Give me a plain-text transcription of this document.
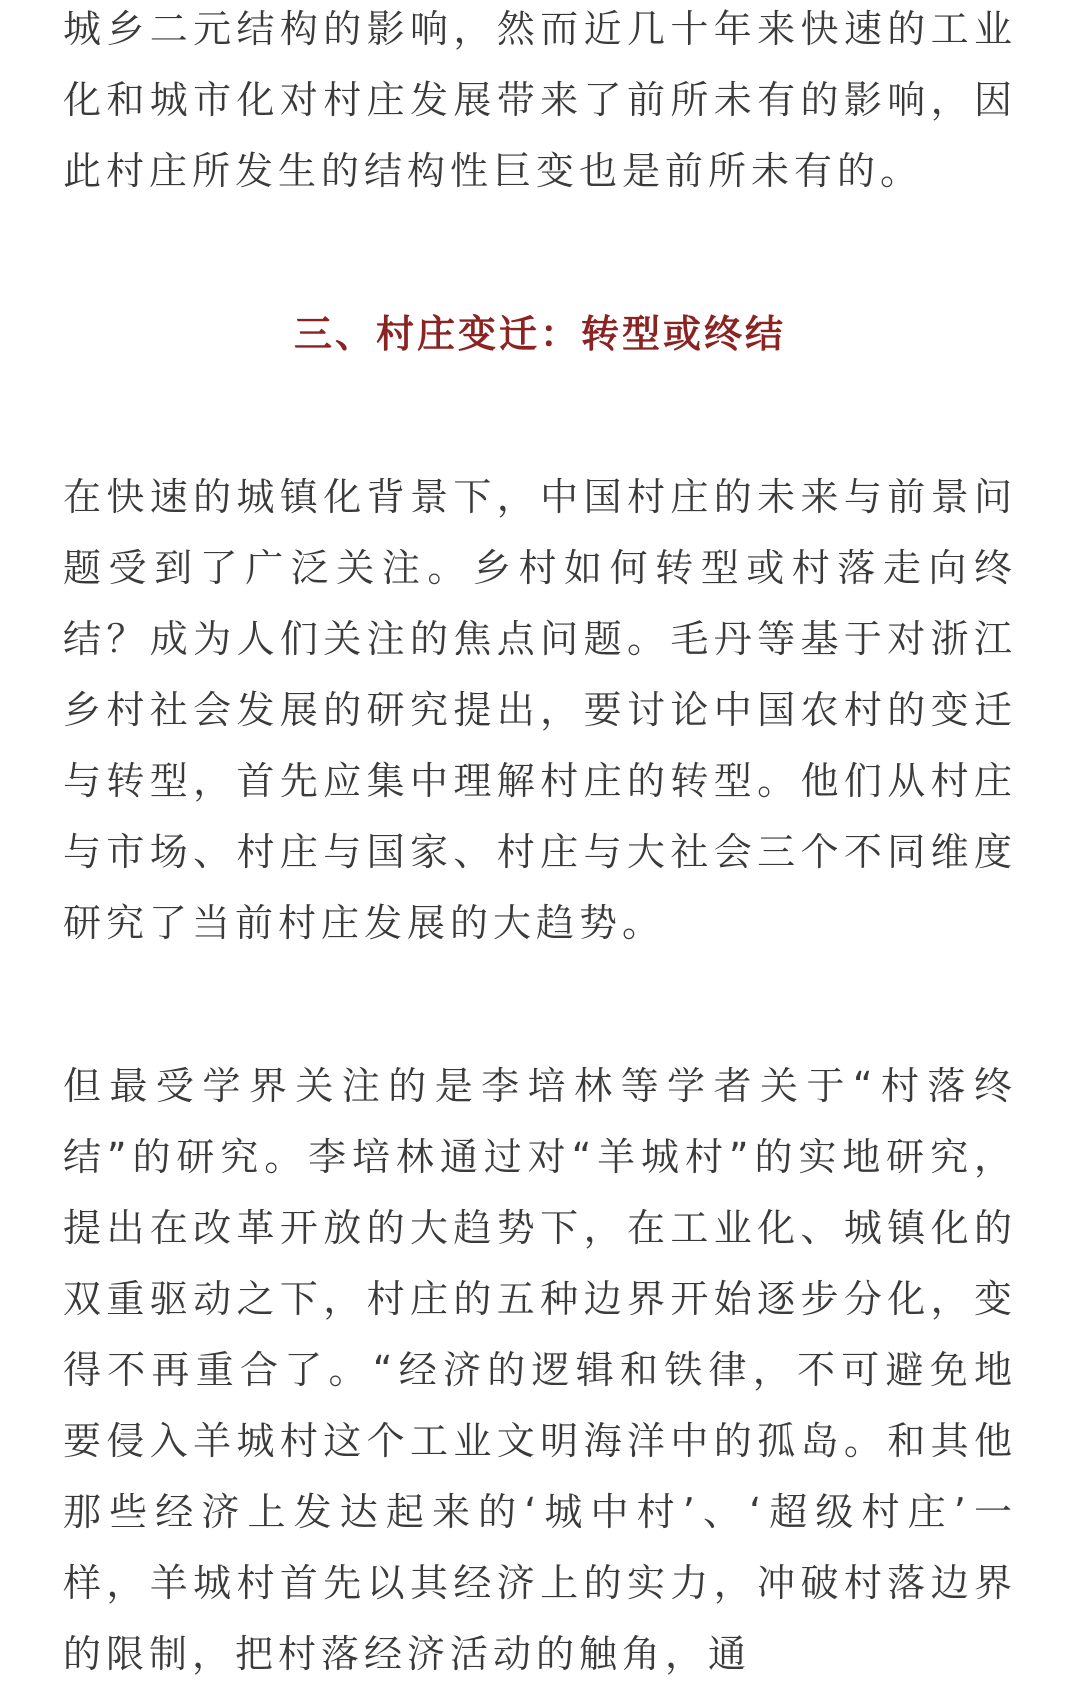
城乡二元结构的影响，然而近几十年来快速的工业化和城市化对村庄发展带来了前所未有的影响，因此村庄所发生的结构性巨变也是前所未有的。

三、村庄变迁：转型或终结

在快速的城镇化背景下，中国村庄的未来与前景问题受到了广泛关注。乡村如何转型或村落走向终结？成为人们关注的焦点问题。毛丹等基于对浙江乡村社会发展的研究提出，要讨论中国农村的变迁与转型，首先应集中理解村庄的转型。他们从村庄与市场、村庄与国家、村庄与大社会三个不同维度研究了当前村庄发展的大趋势。

但最受学界关注的是李培林等学者关于“村落终结”的研究。李培林通过对“羊城村”的实地研究，提出在改革开放的大趋势下，在工业化、城镇化的双重驱动之下，村庄的五种边界开始逐步分化，变得不再重合了。“经济的逻辑和铁律，不可避免地要侵入羊城村这个工业文明海洋中的孤岛。和其他那些经济上发达起来的‘城中村’、‘超级村庄’一样，羊城村首先以其经济上的实力，冲破村落边界的限制，把村落经济活动的触角，通
